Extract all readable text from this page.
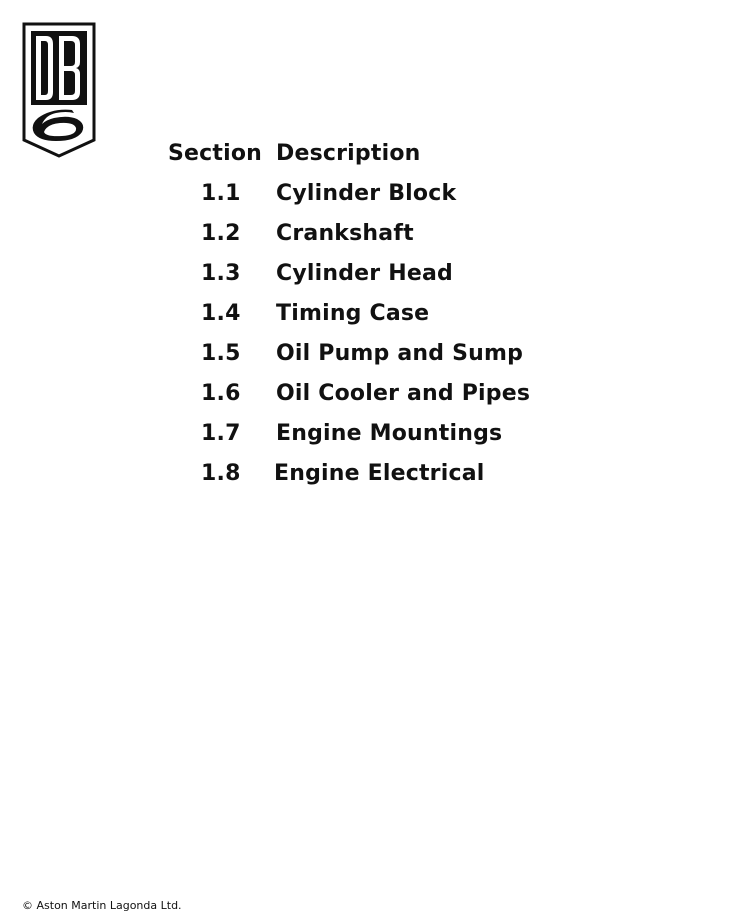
Section Description
1.1 Cylinder Block
1.2 Crankshaft
1.3 Cylinder Head
1.4 Timing Case
1.5 Oil Pump and Sump
1.6 Oil Cooler and Pipes
1.7 Engine Mountings
1.8 Engine Electrical
© Aston Martin Lagonda Ltd.
